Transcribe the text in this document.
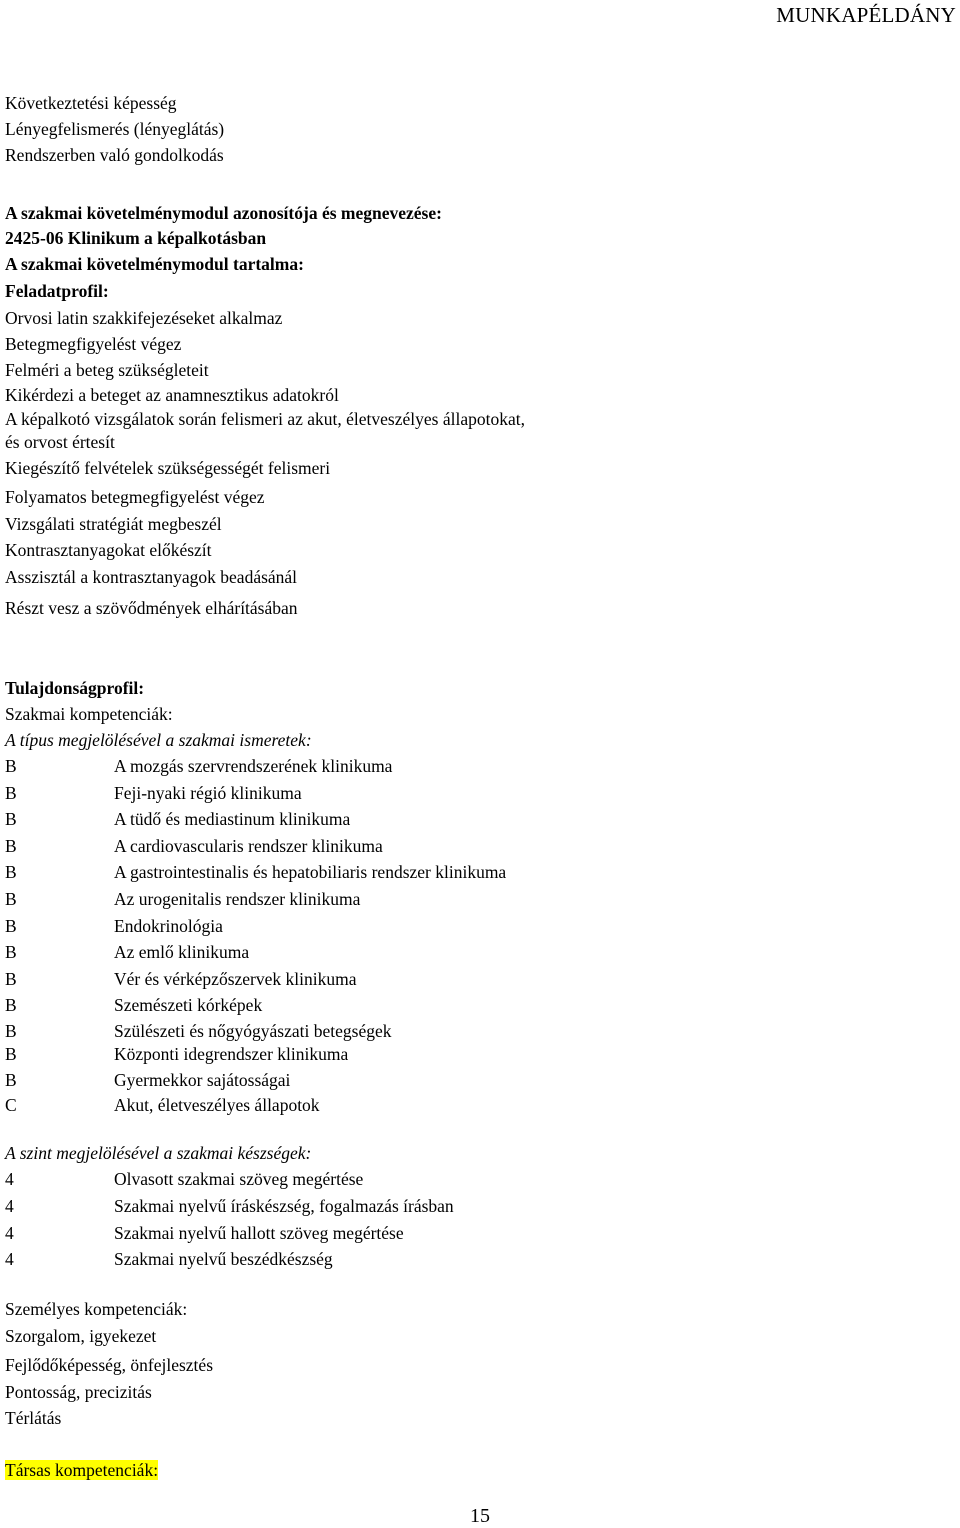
MUNKAPÉLDÁNY
Következtetési képesség
Lényegfelismerés (lényeglátás)
Rendszerben való gondolkodás
A szakmai követelménymodul azonosítója és megnevezése:
2425-06 Klinikum a képalkotásban
A szakmai követelménymodul tartalma:
Feladatprofil:
Orvosi latin szakkifejezéseket alkalmaz
Betegmegfigyelést végez
Felméri a beteg szükségleteit
Kikérdezi a beteget az anamnesztikus adatokról
A képalkotó vizsgálatok során felismeri az akut, életveszélyes állapotokat,
és orvost értesít
Kiegészítő felvételek szükségességét felismeri
Folyamatos betegmegfigyelést végez
Vizsgálati stratégiát megbeszél
Kontrasztanyagokat előkészít
Asszisztál a kontrasztanyagok beadásánál
Részt vesz a szövődmények elhárításában
Tulajdonságprofil:
Szakmai kompetenciák:
A típus megjelölésével a szakmai ismeretek:
B	A mozgás szervrendszerének klinikuma
B	Feji-nyaki régió klinikuma
B	A tüdő és mediastinum klinikuma
B	A cardiovascularis rendszer klinikuma
B	A gastrointestinalis és hepatobiliaris rendszer klinikuma
B	Az urogenitalis rendszer klinikuma
B	Endokrinológia
B	Az emlő klinikuma
B	Vér és vérképzőszervek klinikuma
B	Szemészeti kórképek
B	Szülészeti és nőgyógyászati betegségek
B	Központi idegrendszer klinikuma
B	Gyermekkor sajátosságai
C	Akut, életveszélyes állapotok
A szint megjelölésével a szakmai készségek:
4	Olvasott szakmai szöveg megértése
4	Szakmai nyelvű íráskészség, fogalmazás írásban
4	Szakmai nyelvű hallott szöveg megértése
4	Szakmai nyelvű beszédkészség
Személyes kompetenciák:
Szorgalom, igyekezet
Fejlődőképesség, önfejlesztés
Pontosság, precizitás
Térlátás
Társas kompetenciák:
15
